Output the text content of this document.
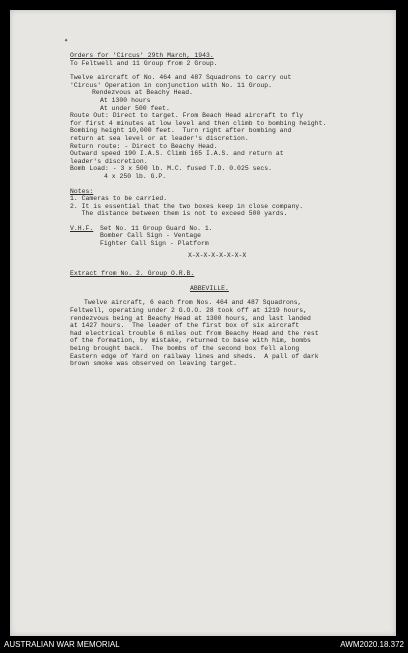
✦
Orders for 'Circus' 29th March, 1943.
To Feltwell and 11 Group from 2 Group.
Twelve aircraft of No. 464 and 487 Squadrons to carry out
'Circus' Operation in conjunction with No. 11 Group.
Rendezvous at Beachy Head.
At 1300 hours
At under 500 feet.
Route Out: Direct to target. From Beach Head aircraft to fly
for first 4 minutes at low level and then climb to bombing height.
Bombing height 10,000 feet.  Turn right after bombing and
return at sea level or at leader's discretion.
Return route: - Direct to Beachy Head.
Outward speed 190 I.A.S. Climb 165 I.A.S. and return at
leader's discretion.
Bomb Load: - 3 x 500 lb. M.C. fused T.D. 0.025 secs.
4 x 250 lb. G.P.
Notes:
1. Cameras to be carried.
2. It is essential that the two boxes keep in close company.
The distance between them is not to exceed 500 yards.
V.H.F.	Set No. 11 Group Guard No. 1.
Bomber Call Sign - Ventage
Fighter Call Sign - Platform
X-X-X-X-X-X-X-X
Extract from No. 2. Group O.R.B.
ABBEVILLE.
Twelve aircraft, 6 each from Nos. 464 and 487 Squadrons,
Feltwell, operating under 2 G.O.O. 28 took off at 1219 hours,
rendezvous being at Beachy Head at 1300 hours, and last landed
at 1427 hours.  The leader of the first box of six aircraft
had electrical trouble 6 miles out from Beachy Head and the rest
of the formation, by mistake, returned to base with him, bombs
being brought back.  The bombs of the second box fell along
Eastern edge of Yard on railway lines and sheds.  A pall of dark
brown smoke was observed on leaving target.
AUSTRALIAN WAR MEMORIAL	AWM2020.18.372
